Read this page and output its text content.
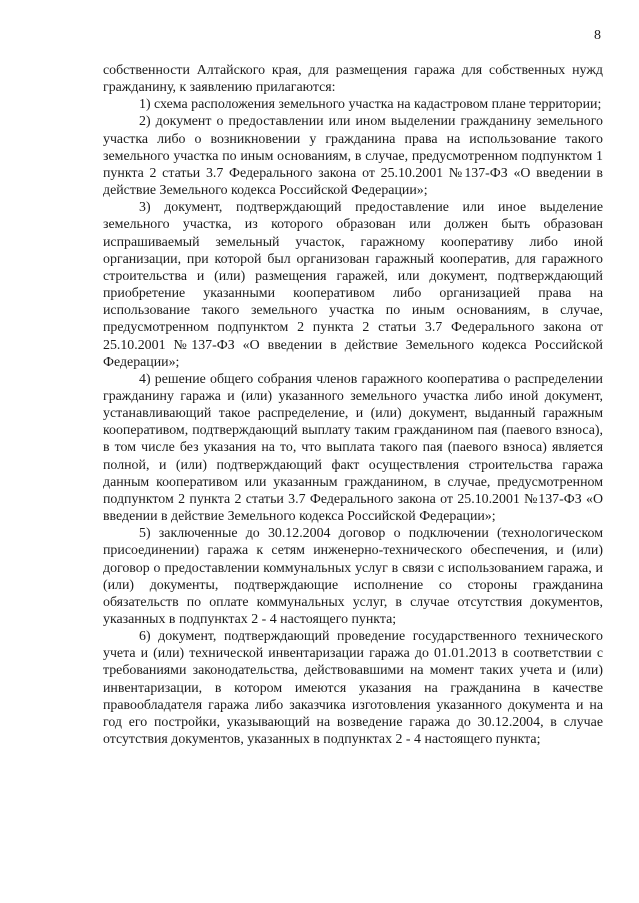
8

собственности Алтайского края, для размещения гаража для собственных нужд гражданину, к заявлению прилагаются:

1) схема расположения земельного участка на кадастровом плане территории;

2) документ о предоставлении или ином выделении гражданину земельного участка либо о возникновении у гражданина права на использование такого земельного участка по иным основаниям, в случае, предусмотренном подпунктом 1 пункта 2 статьи 3.7 Федерального закона от 25.10.2001 №137-ФЗ «О введении в действие Земельного кодекса Российской Федерации»;

3) документ, подтверждающий предоставление или иное выделение земельного участка, из которого образован или должен быть образован испрашиваемый земельный участок, гаражному кооперативу либо иной организации, при которой был организован гаражный кооператив, для гаражного строительства и (или) размещения гаражей, или документ, подтверждающий приобретение указанными кооперативом либо организацией права на использование такого земельного участка по иным основаниям, в случае, предусмотренном подпунктом 2 пункта 2 статьи 3.7 Федерального закона от 25.10.2001 №137-ФЗ «О введении в действие Земельного кодекса Российской Федерации»;

4) решение общего собрания членов гаражного кооператива о распределении гражданину гаража и (или) указанного земельного участка либо иной документ, устанавливающий такое распределение, и (или) документ, выданный гаражным кооперативом, подтверждающий выплату таким гражданином пая (паевого взноса), в том числе без указания на то, что выплата такого пая (паевого взноса) является полной, и (или) подтверждающий факт осуществления строительства гаража данным кооперативом или указанным гражданином, в случае, предусмотренном подпунктом 2 пункта 2 статьи 3.7 Федерального закона от 25.10.2001 №137-ФЗ «О введении в действие Земельного кодекса Российской Федерации»;

5) заключенные до 30.12.2004 договор о подключении (технологическом присоединении) гаража к сетям инженерно-технического обеспечения, и (или) договор о предоставлении коммунальных услуг в связи с использованием гаража, и (или) документы, подтверждающие исполнение со стороны гражданина обязательств по оплате коммунальных услуг, в случае отсутствия документов, указанных в подпунктах 2 - 4 настоящего пункта;

6) документ, подтверждающий проведение государственного технического учета и (или) технической инвентаризации гаража до 01.01.2013 в соответствии с требованиями законодательства, действовавшими на момент таких учета и (или) инвентаризации, в котором имеются указания на гражданина в качестве правообладателя гаража либо заказчика изготовления указанного документа и на год его постройки, указывающий на возведение гаража до 30.12.2004, в случае отсутствия документов, указанных в подпунктах 2 - 4 настоящего пункта;
